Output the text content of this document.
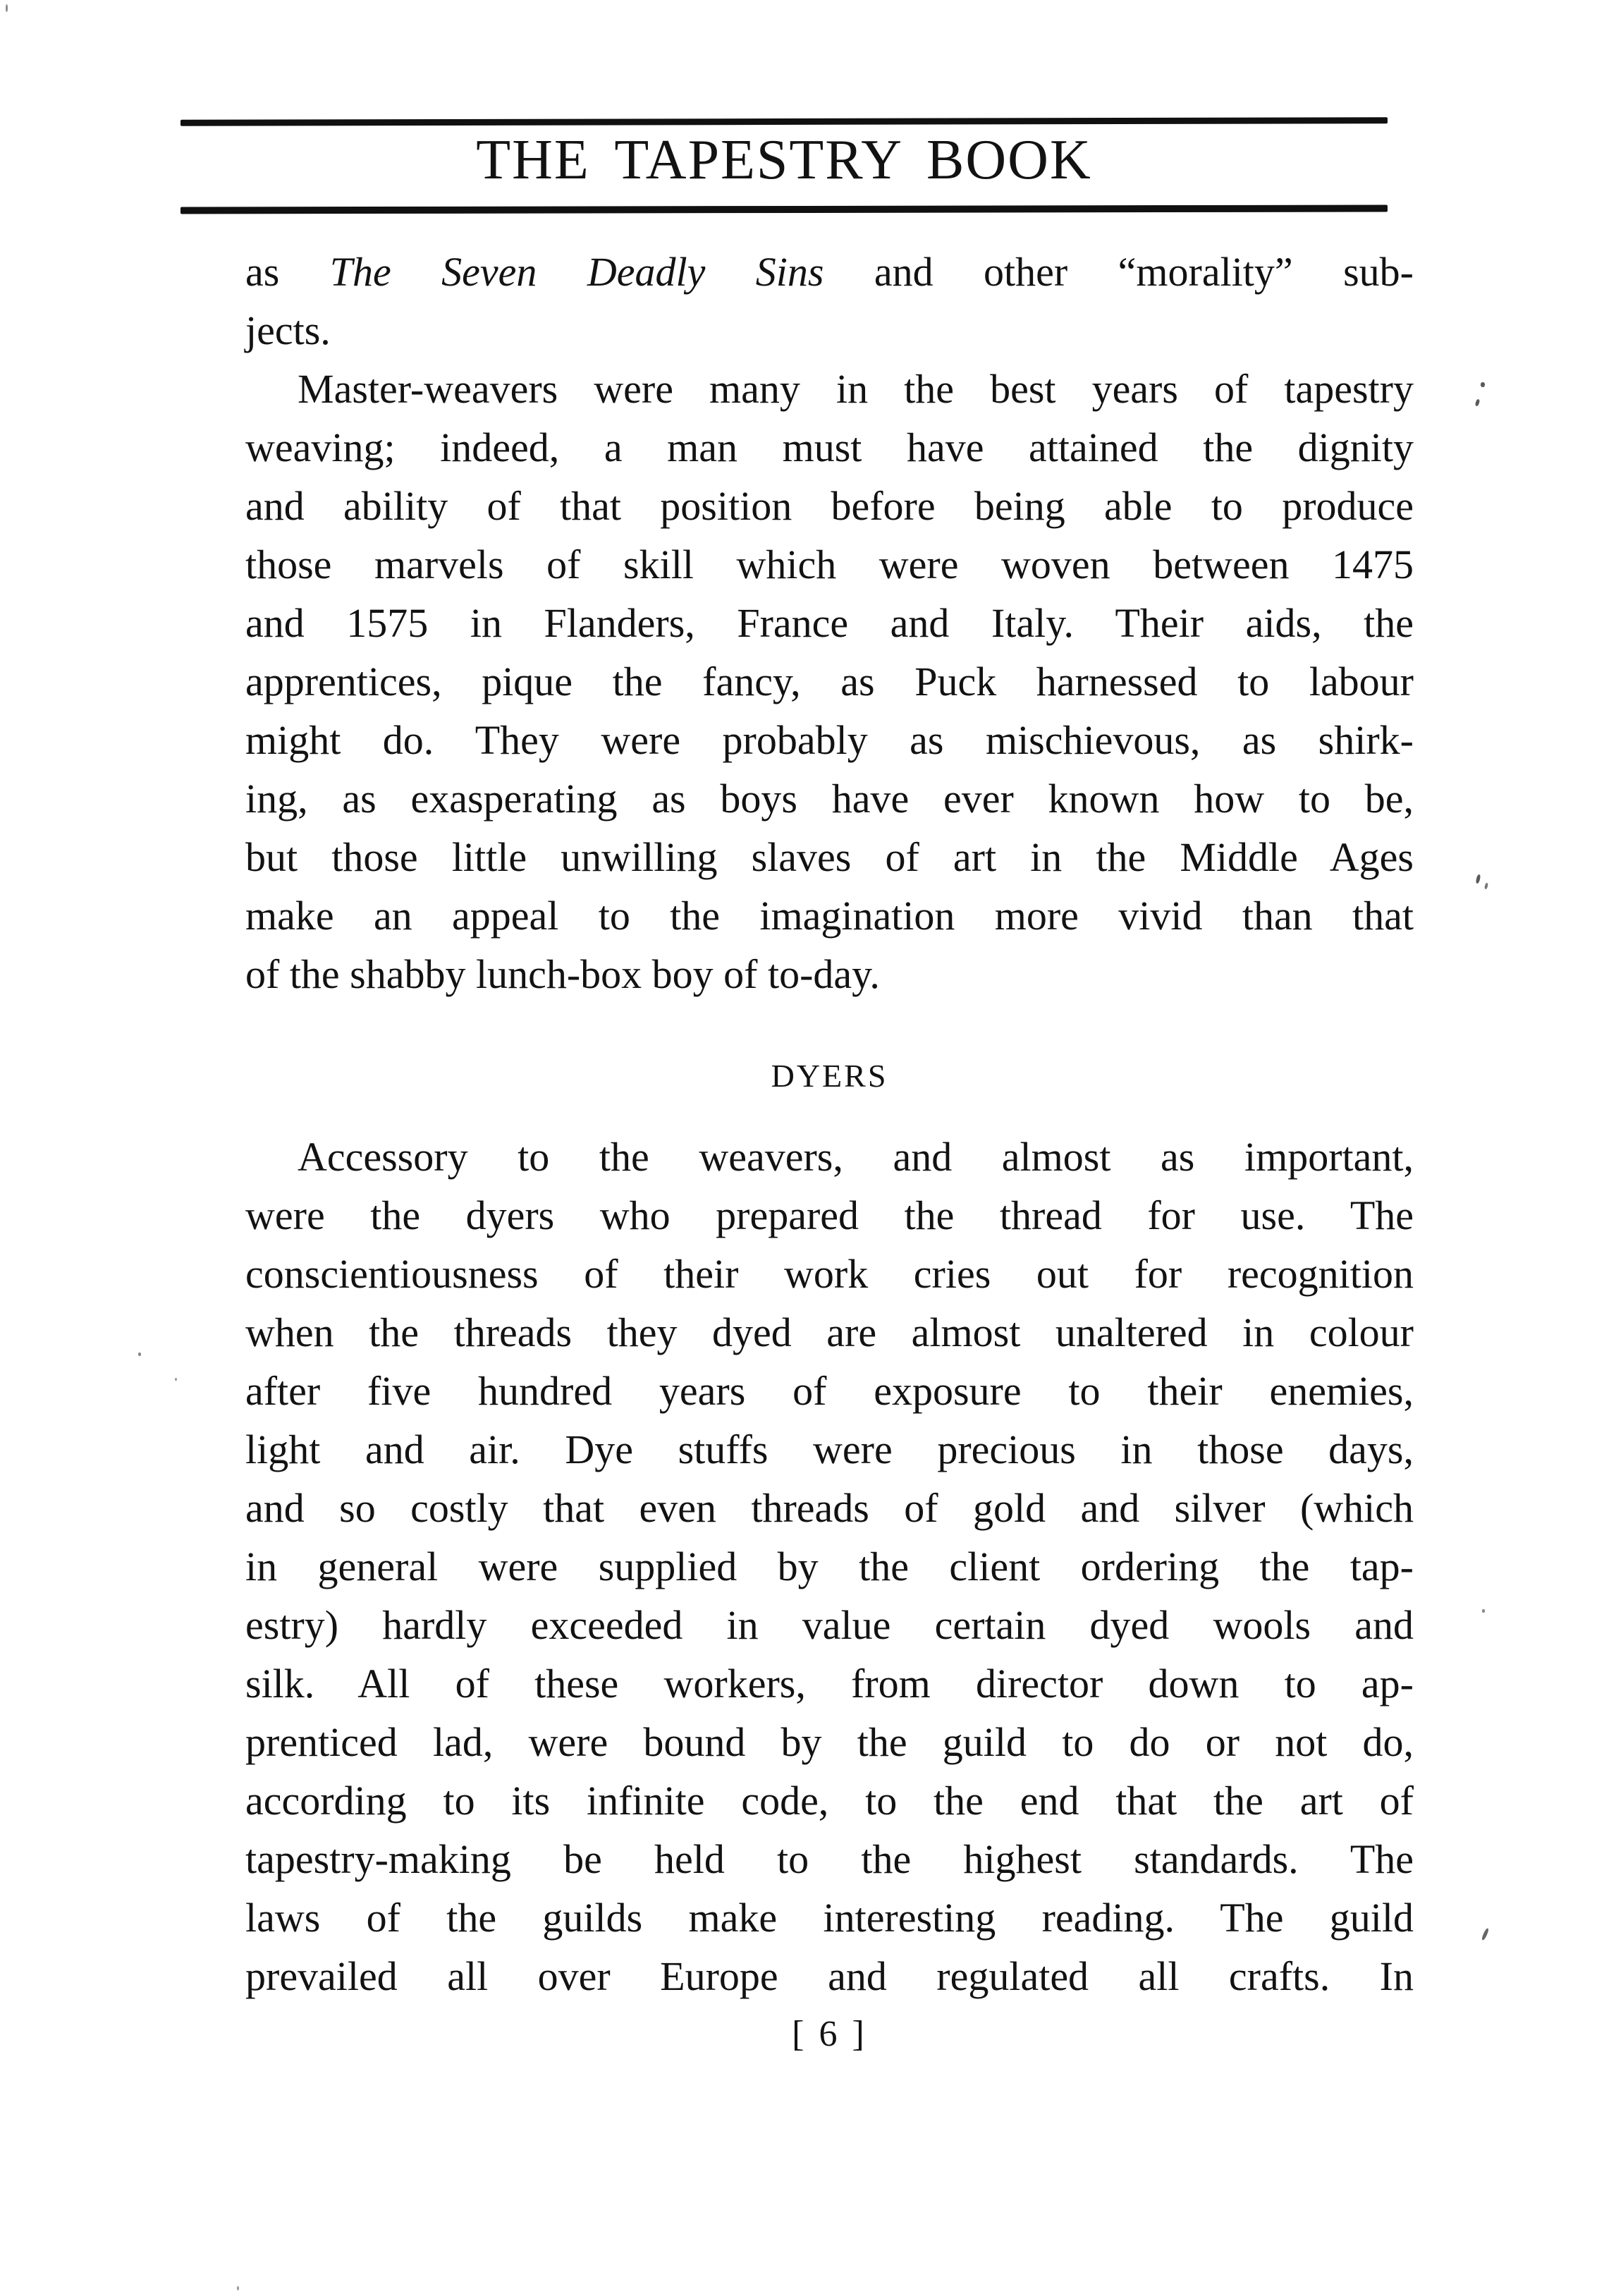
THE TAPESTRY BOOK
as The Seven Deadly Sins and other “morality” sub-
jects.
Master-weavers were many in the best years of tapestry
weaving; indeed, a man must have attained the dignity
and ability of that position before being able to produce
those marvels of skill which were woven between 1475
and 1575 in Flanders, France and Italy. Their aids, the
apprentices, pique the fancy, as Puck harnessed to labour
might do. They were probably as mischievous, as shirk-
ing, as exasperating as boys have ever known how to be,
but those little unwilling slaves of art in the Middle Ages
make an appeal to the imagination more vivid than that
of the shabby lunch-box boy of to-day.
DYERS
Accessory to the weavers, and almost as important,
were the dyers who prepared the thread for use. The
conscientiousness of their work cries out for recognition
when the threads they dyed are almost unaltered in colour
after five hundred years of exposure to their enemies,
light and air. Dye stuffs were precious in those days,
and so costly that even threads of gold and silver (which
in general were supplied by the client ordering the tap-
estry) hardly exceeded in value certain dyed wools and
silk. All of these workers, from director down to ap-
prenticed lad, were bound by the guild to do or not do,
according to its infinite code, to the end that the art of
tapestry-making be held to the highest standards. The
laws of the guilds make interesting reading. The guild
prevailed all over Europe and regulated all crafts. In
[ 6 ]
